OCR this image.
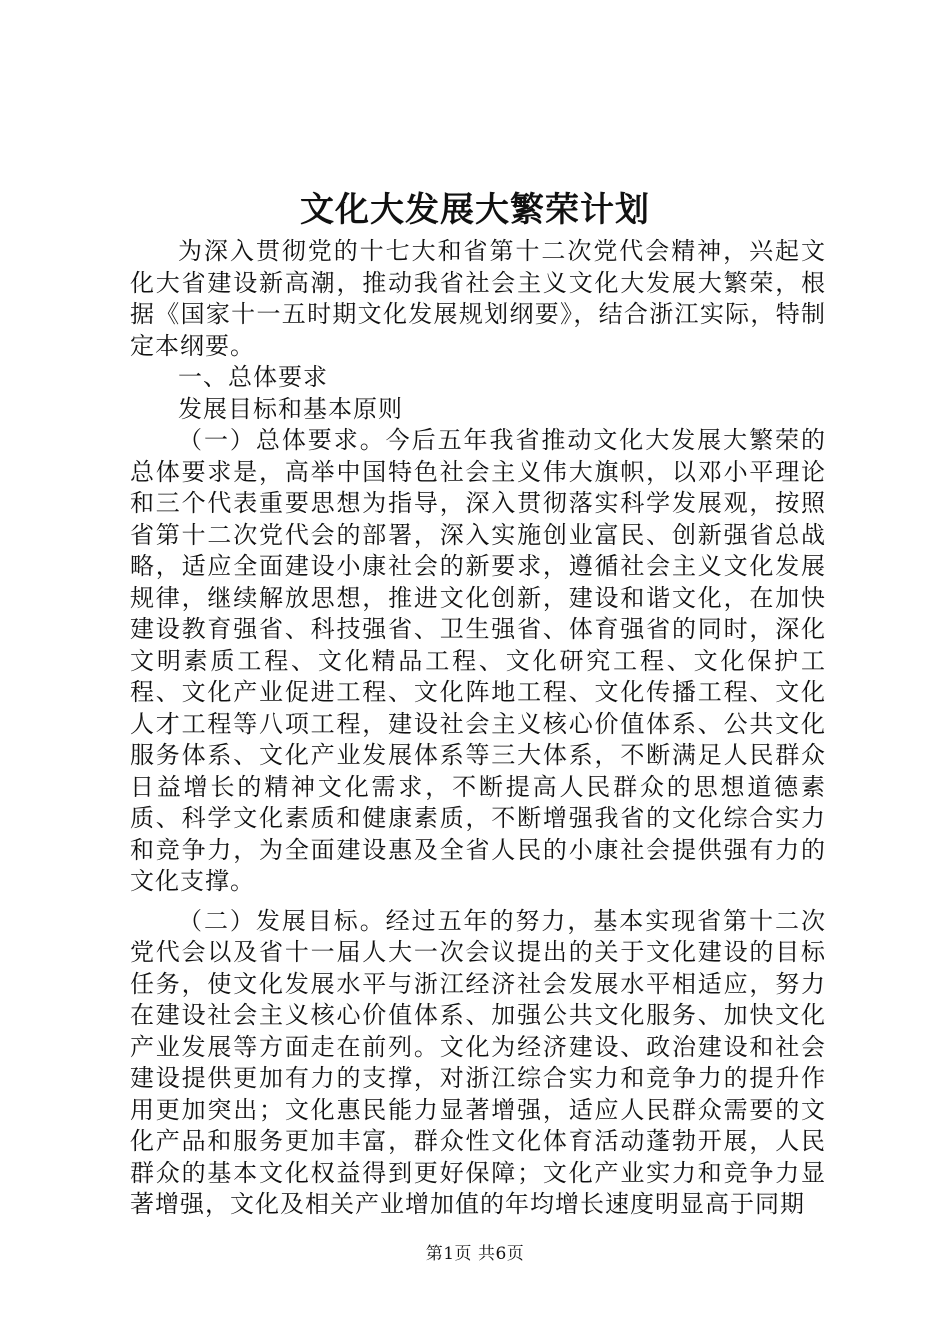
文化大发展大繁荣计划

为深入贯彻党的十七大和省第十二次党代会精神，兴起文化大省建设新高潮，推动我省社会主义文化大发展大繁荣，根据《国家十一五时期文化发展规划纲要》，结合浙江实际，特制定本纲要。

一、总体要求

发展目标和基本原则

（一）总体要求。今后五年我省推动文化大发展大繁荣的总体要求是，高举中国特色社会主义伟大旗帜，以邓小平理论和三个代表重要思想为指导，深入贯彻落实科学发展观，按照省第十二次党代会的部署，深入实施创业富民、创新强省总战略，适应全面建设小康社会的新要求，遵循社会主义文化发展规律，继续解放思想，推进文化创新，建设和谐文化，在加快建设教育强省、科技强省、卫生强省、体育强省的同时，深化文明素质工程、文化精品工程、文化研究工程、文化保护工程、文化产业促进工程、文化阵地工程、文化传播工程、文化人才工程等八项工程，建设社会主义核心价值体系、公共文化服务体系、文化产业发展体系等三大体系，不断满足人民群众日益增长的精神文化需求，不断提高人民群众的思想道德素质、科学文化素质和健康素质，不断增强我省的文化综合实力和竞争力，为全面建设惠及全省人民的小康社会提供强有力的文化支撑。

（二）发展目标。经过五年的努力，基本实现省第十二次党代会以及省十一届人大一次会议提出的关于文化建设的目标任务，使文化发展水平与浙江经济社会发展水平相适应，努力在建设社会主义核心价值体系、加强公共文化服务、加快文化产业发展等方面走在前列。文化为经济建设、政治建设和社会建设提供更加有力的支撑，对浙江综合实力和竞争力的提升作用更加突出；文化惠民能力显著增强，适应人民群众需要的文化产品和服务更加丰富，群众性文化体育活动蓬勃开展，人民群众的基本文化权益得到更好保障；文化产业实力和竞争力显著增强，文化及相关产业增加值的年均增长速度明显高于同期

第1页 共6页
